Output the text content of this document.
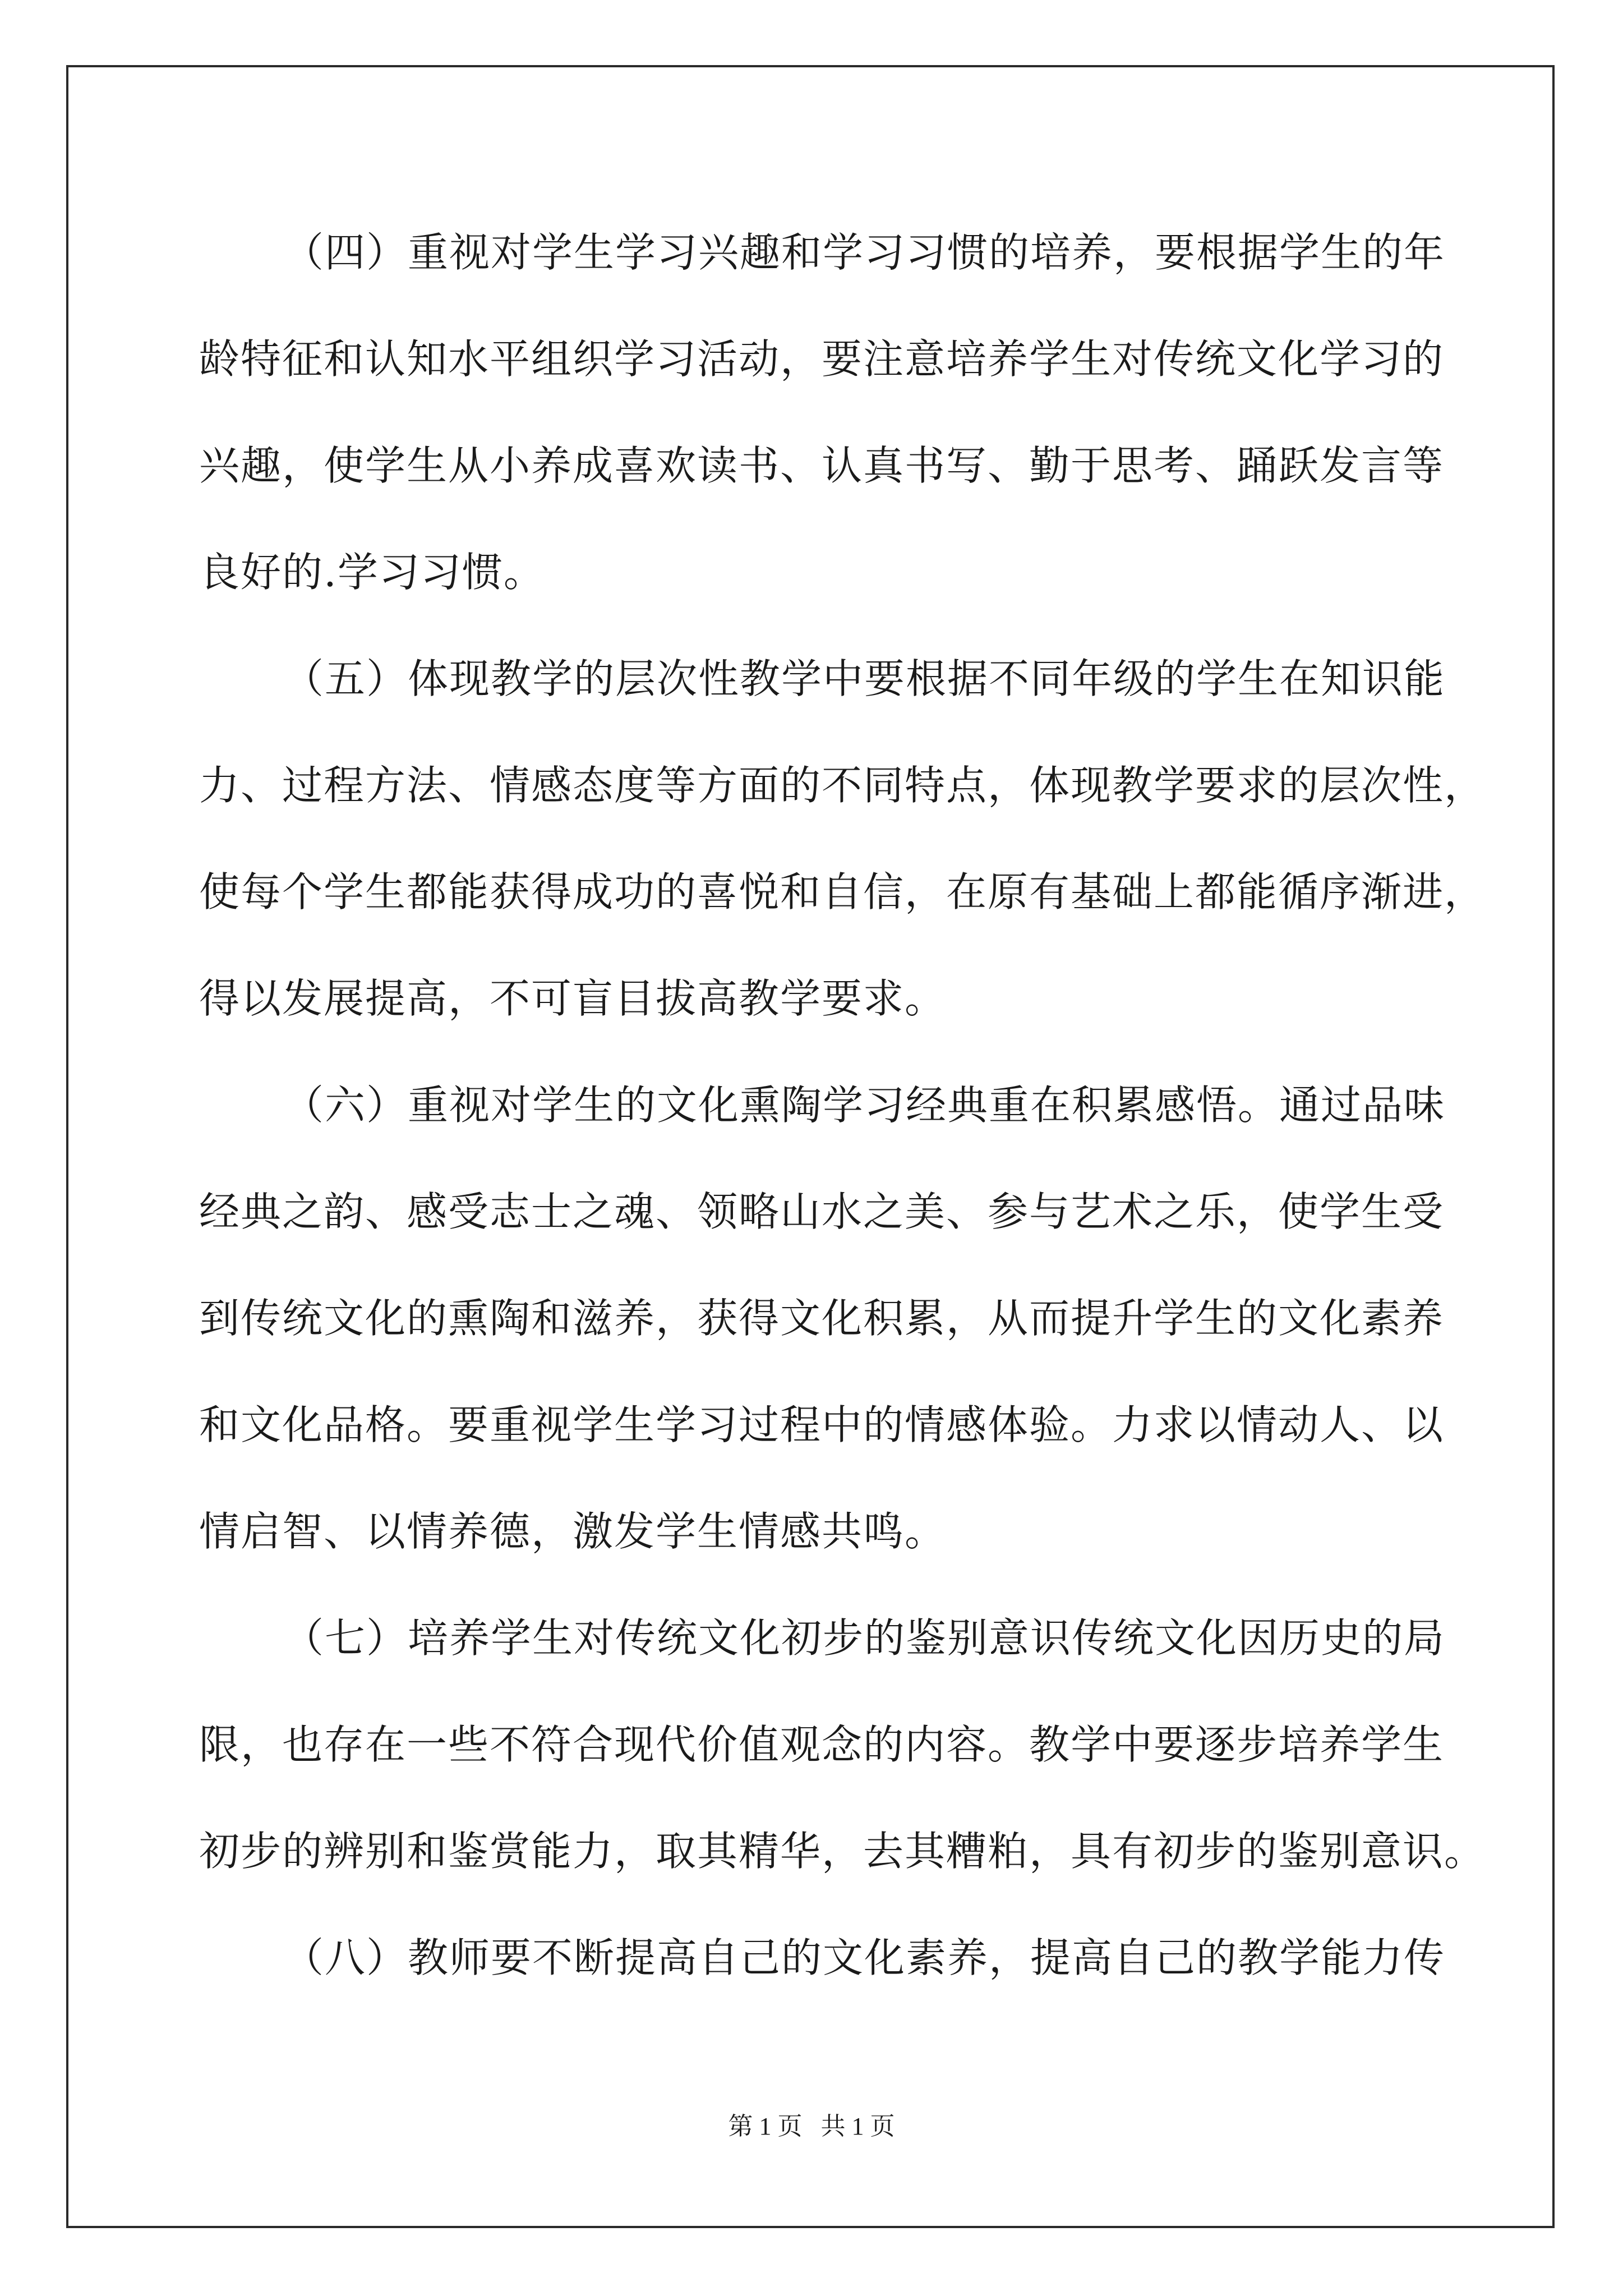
（四）重视对学生学习兴趣和学习习惯的培养，要根据学生的年
龄特征和认知水平组织学习活动，要注意培养学生对传统文化学习的
兴趣，使学生从小养成喜欢读书、认真书写、勤于思考、踊跃发言等
良好的.学习习惯。
（五）体现教学的层次性教学中要根据不同年级的学生在知识能
力、过程方法、情感态度等方面的不同特点，体现教学要求的层次性，
使每个学生都能获得成功的喜悦和自信，在原有基础上都能循序渐进，
得以发展提高，不可盲目拔高教学要求。
（六）重视对学生的文化熏陶学习经典重在积累感悟。通过品味
经典之韵、感受志士之魂、领略山水之美、参与艺术之乐，使学生受
到传统文化的熏陶和滋养，获得文化积累，从而提升学生的文化素养
和文化品格。要重视学生学习过程中的情感体验。力求以情动人、以
情启智、以情养德，激发学生情感共鸣。
（七）培养学生对传统文化初步的鉴别意识传统文化因历史的局
限，也存在一些不符合现代价值观念的内容。教学中要逐步培养学生
初步的辨别和鉴赏能力，取其精华，去其糟粕，具有初步的鉴别意识。
（八）教师要不断提高自己的文化素养，提高自己的教学能力传
第 1 页   共 1 页
